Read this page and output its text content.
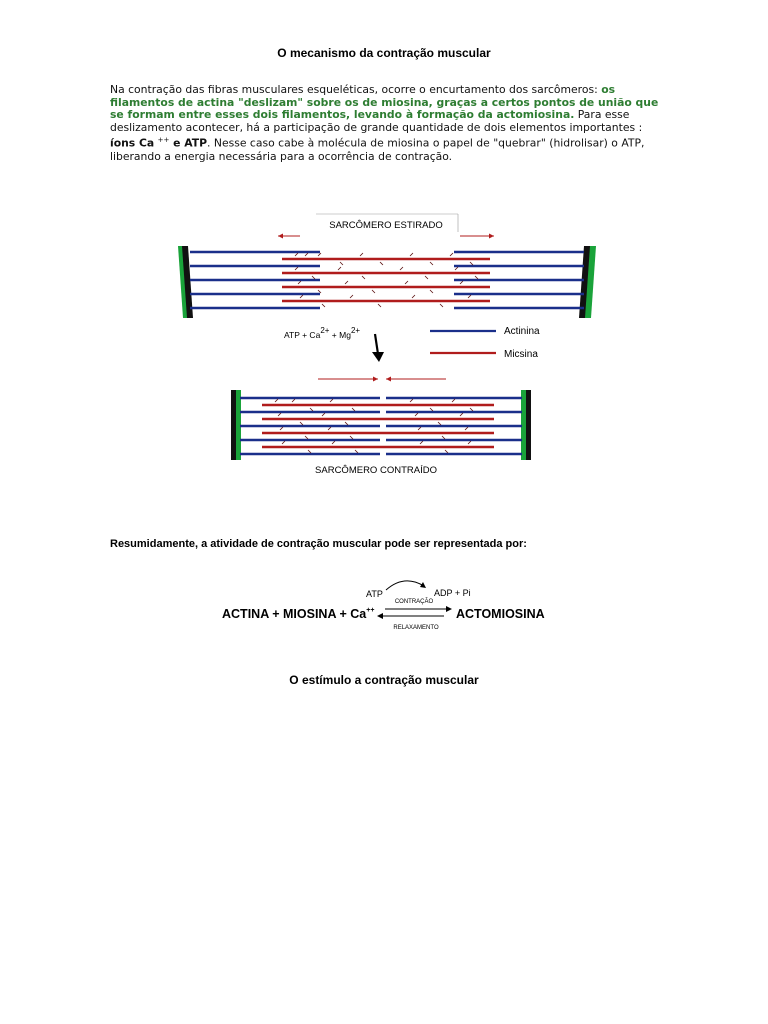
O mecanismo da contração muscular
Na contração das fibras musculares esqueléticas, ocorre o encurtamento dos sarcômeros: os filamentos de actina "deslizam" sobre os de miosina, graças a certos pontos de união que se formam entre esses dois filamentos, levando à formação da actomiosina. Para esse deslizamento acontecer, há a participação de grande quantidade de dois elementos importantes : íons Ca ++ e ATP. Nesse caso cabe à molécula de miosina o papel de "quebrar" (hidrolisar) o ATP, liberando a energia necessária para a ocorrência de contração.
SARCÔMERO ESTIRADO
ATP + Ca2+ + Mg2+	Actinina
Micsina
SARCÔMERO CONTRAÍDO
Resumidamente, a atividade de contração muscular pode ser representada por:
ACTINA + MIOSINA + Ca++
ATP	ADP + Pi
CONTRAÇÃO
RELAXAMENTO
ACTOMIOSINA
O estímulo a contração muscular
